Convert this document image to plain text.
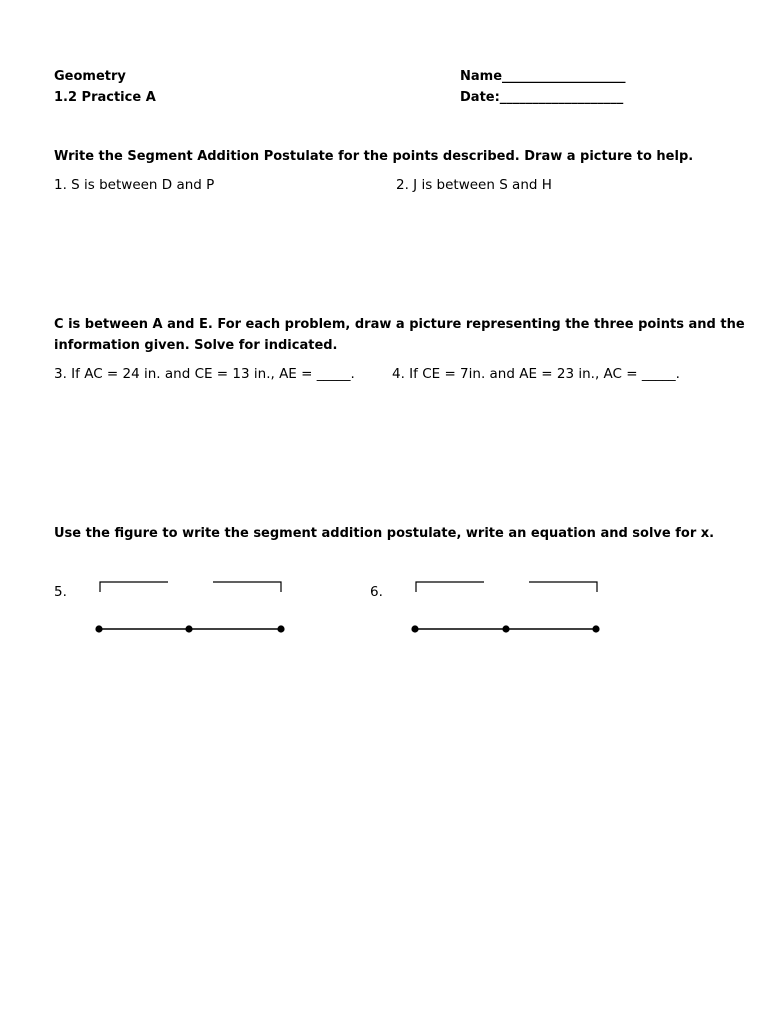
Geometry
1.2 Practice A
Name___________________
Date:___________________
Write the Segment Addition Postulate for the points described. Draw a picture to help.
1. S is between D and P	2. J is between S and H
C is between A and E. For each problem, draw a picture representing the three points and the
information given. Solve for indicated.
3. If AC = 24 in. and CE = 13 in., AE = _____.	4. If CE = 7in. and AE = 23 in., AC = _____.
Use the figure to write the segment addition postulate, write an equation and solve for x.
5.	6.
